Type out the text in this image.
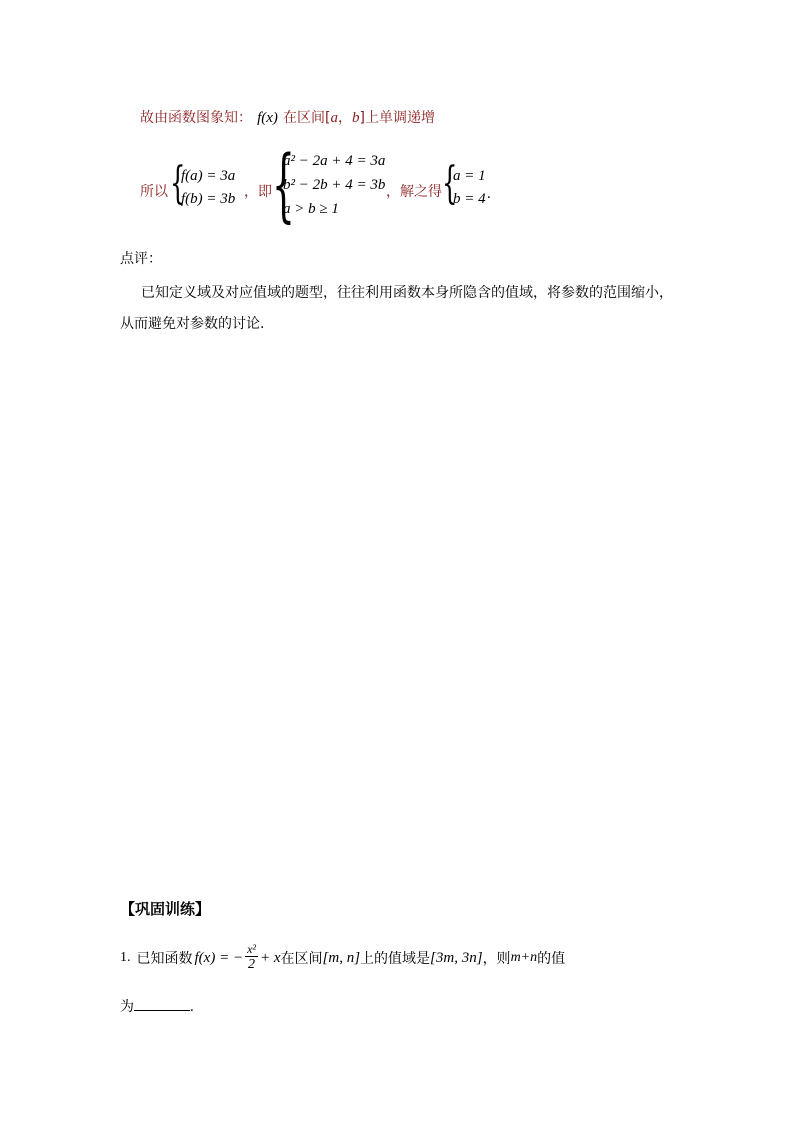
故由函数图象知： f(x) 在区间[a，b]上单调递增
所以 {
f(a) = 3a
f(b) = 3b ，即 {
a² − 2a + 4 = 3a
b² − 2b + 4 = 3b
a > b ≥ 1
，解之得 {
a = 1
b = 4 .
点评：
已知定义域及对应值域的题型，往往利用函数本身所隐含的值域，将参数的范围缩小，
从而避免对参数的讨论.
【巩固训练】
1. 已知函数 f(x) = − $\frac{\text{x²}}{2} + x$ 在区间 [m, n] 上的值域是 [3m, 3n] ，则 m+n 的值
为	.
